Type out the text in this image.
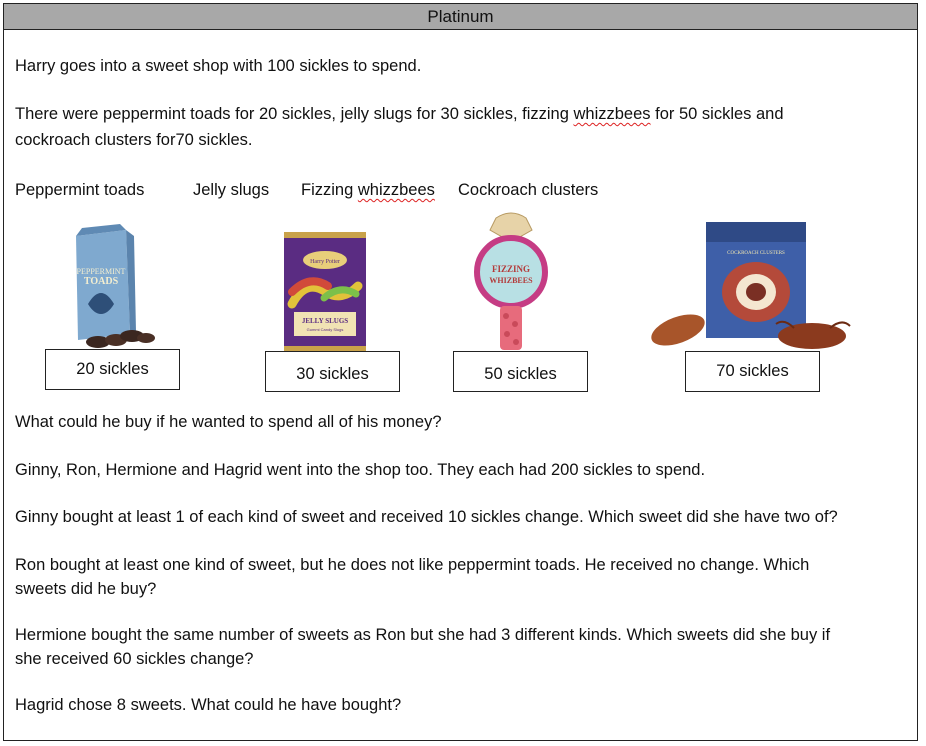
Platinum

Harry goes into a sweet shop with 100 sickles to spend.

There were peppermint toads for 20 sickles, jelly slugs for 30 sickles, fizzing whizzbees for 50 sickles and

cockroach clusters for70 sickles.

Peppermint toads	Jelly slugs Fizzing whizzbees Cockroach clusters
PEPPERMINT
TOADS
Harry Potter
JELLY SLUGS
Gummi Candy Slugs
FIZZING
WHIZBEES
COCKROACH CLUSTERS
20 sickles	30 sickles	50 sickles	70 sickles

What could he buy if he wanted to spend all of his money?

Ginny, Ron, Hermione and Hagrid went into the shop too. They each had 200 sickles to spend.

Ginny bought at least 1 of each kind of sweet and received 10 sickles change. Which sweet did she have two of?

Ron bought at least one kind of sweet, but he does not like peppermint toads. He received no change. Which

sweets did he buy?

Hermione bought the same number of sweets as Ron but she had 3 different kinds. Which sweets did she buy if

she received 60 sickles change?

Hagrid chose 8 sweets. What could he have bought?
